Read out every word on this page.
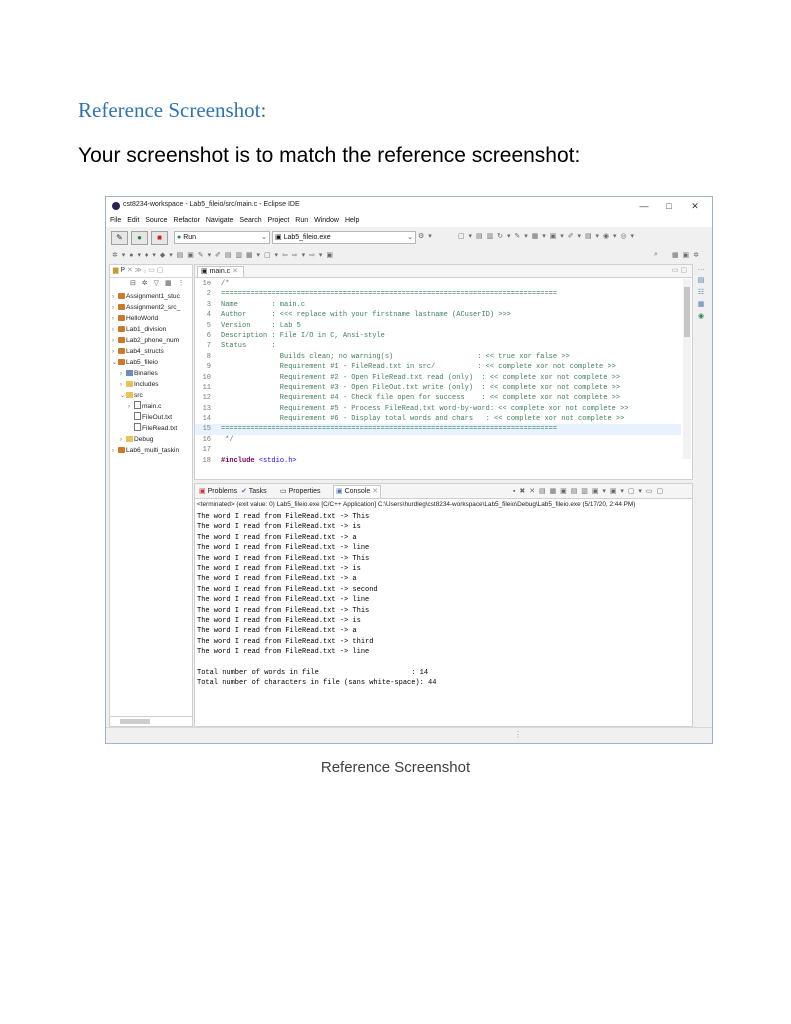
Reference Screenshot:
Your screenshot is to match the reference screenshot:
cst8234-workspace - Lab5_fileio/src/main.c - Eclipse IDE	—	□	✕
File Edit Source Refactor Navigate Search Project Run Window Help
✎	●	■	● Run	⌄	▣ Lab5_fileio.exe	⌄ ⚙ ▾	▢ ▾ ▤ ▥ ↻ ▾ ✎ ▾ ▦ ▾ ▣ ▾ ✐ ▾ ▤ ▾ ◉ ▾ ◎ ▾
✲ ▾ ● ▾ ♦ ▾ ◆ ▾ ▤ ▣ ✎ ▾ ✐ ▤ ▥ ▦ ▾ ▢ ▾ ⇦ ⇨ ▾ ⇨ ▾ ▣	⌕ ▦ ▣ ✲
▆ P ✕ ≫ ₁ ▭ ▢
⊟ ✲ ▽ ▦ ⋮
› Assignment1_stuc
› Assignment2_src_
› HelloWorld
› Lab1_division
› Lab2_phone_num
› Lab4_structs
⌄ Lab5_fileio
› Binaries
› Includes
⌄ src
› main.c
FileOut.txt
FileRead.txt
› Debug
› Lab6_multi_taskin
▣ main.c ✕	▭ ▢
1⊖ /*
2 ================================================================================
3 Name        : main.c
4 Author      : <<< replace with your firstname lastname (ACuserID) >>>
5 Version     : Lab 5
6 Description : File I/O in C, Ansi-style
7 Status      :
8 Builds clean; no warning(s)                    : << true xor false >>
9 Requirement #1 - FileRead.txt in src/          : << complete xor not complete >>
10 Requirement #2 - Open FileRead.txt read (only)  : << complete xor not complete >>
11 Requirement #3 - Open FileOut.txt write (only)  : << complete xor not complete >>
12 Requirement #4 - Check file open for success    : << complete xor not complete >>
13 Requirement #5 - Process FileRead.txt word-by-word: << complete xor not complete >>
14 Requirement #6 - Display total words and chars   : << complete xor not complete >>
15 ================================================================================
16 */
17
18 #include <stdio.h>
⋯
▤
☷
▦
◉
▣ Problems ✔ Tasks ▭ Properties	▣ Console ✕	▪ ✖ ✕ ▤ ▦ ▣ ▤ ▥ ▣ ▾ ▣ ▾ ▢ ▾ ▭ ▢
<terminated> (exit value: 0) Lab5_fileio.exe [C/C++ Application] C:\Users\hurdleg\cst8234-workspace\Lab5_fileio\Debug\Lab5_fileio.exe (5/17/20, 2:44 PM)
The word I read from FileRead.txt -> This
The word I read from FileRead.txt -> is
The word I read from FileRead.txt -> a
The word I read from FileRead.txt -> line
The word I read from FileRead.txt -> This
The word I read from FileRead.txt -> is
The word I read from FileRead.txt -> a
The word I read from FileRead.txt -> second
The word I read from FileRead.txt -> line
The word I read from FileRead.txt -> This
The word I read from FileRead.txt -> is
The word I read from FileRead.txt -> a
The word I read from FileRead.txt -> third
The word I read from FileRead.txt -> line
Total number of words in file                      : 14
Total number of characters in file (sans white-space): 44
⋮
Reference Screenshot
